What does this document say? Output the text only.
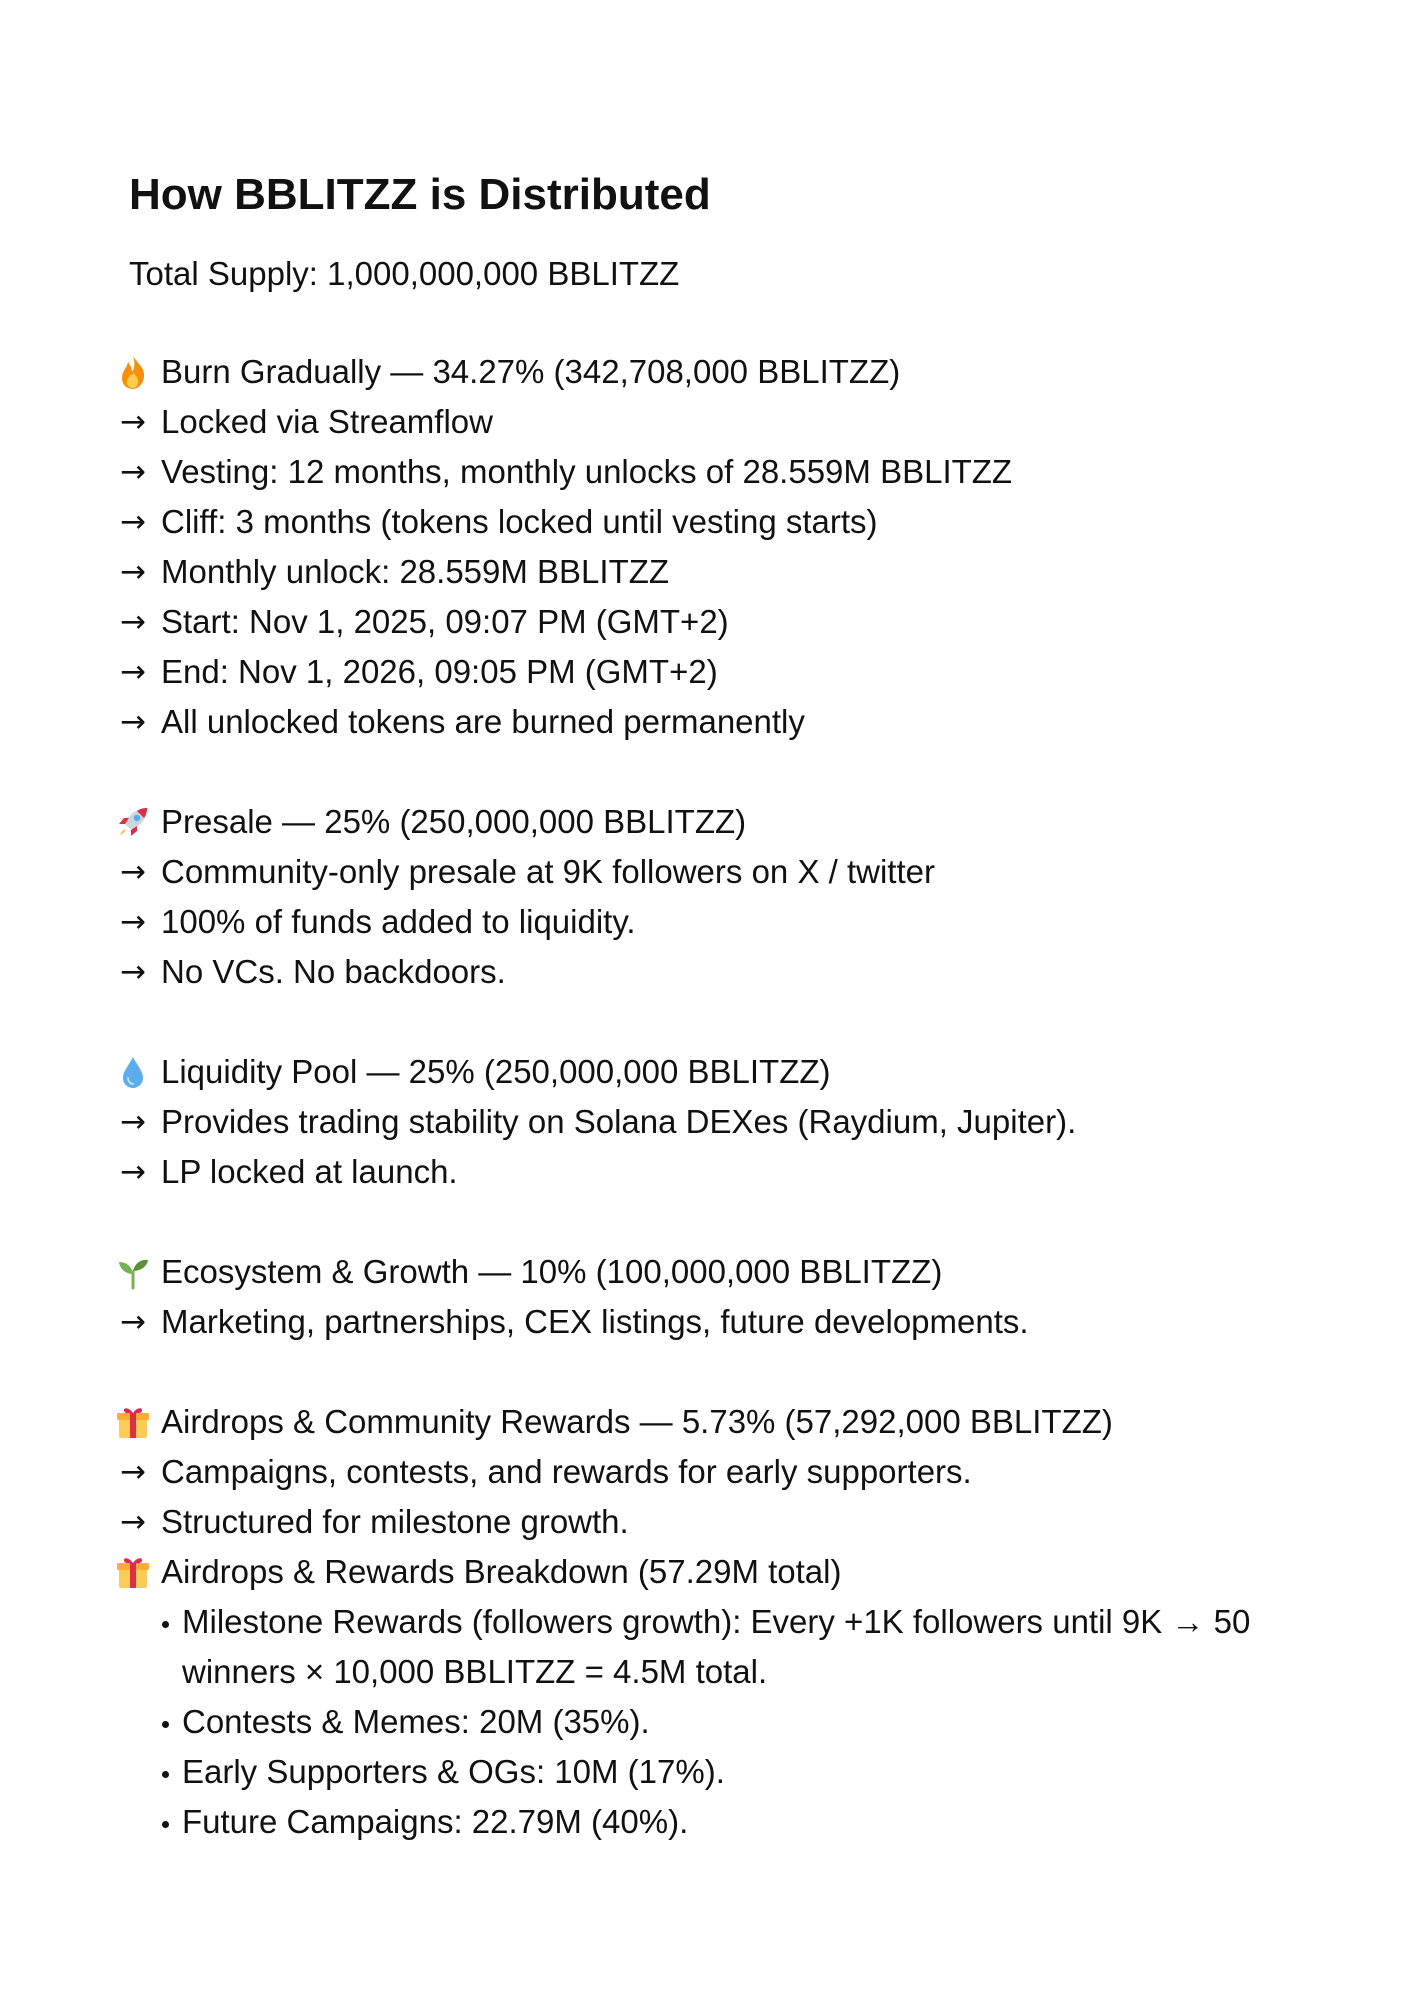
How BBLITZZ is Distributed

Total Supply: 1,000,000,000 BBLITZZ

Burn Gradually — 34.27% (342,708,000 BBLITZZ)
→ Locked via Streamflow
→ Vesting: 12 months, monthly unlocks of 28.559M BBLITZZ
→ Cliff: 3 months (tokens locked until vesting starts)
→ Monthly unlock: 28.559M BBLITZZ
→ Start: Nov 1, 2025, 09:07 PM (GMT+2)
→ End: Nov 1, 2026, 09:05 PM (GMT+2)
→ All unlocked tokens are burned permanently
Presale — 25% (250,000,000 BBLITZZ)
→ Community-only presale at 9K followers on X / twitter
→ 100% of funds added to liquidity.
→ No VCs. No backdoors.
Liquidity Pool — 25% (250,000,000 BBLITZZ)
→ Provides trading stability on Solana DEXes (Raydium, Jupiter).
→ LP locked at launch.
Ecosystem & Growth — 10% (100,000,000 BBLITZZ)
→ Marketing, partnerships, CEX listings, future developments.
Airdrops & Community Rewards — 5.73% (57,292,000 BBLITZZ)
→ Campaigns, contests, and rewards for early supporters.
→ Structured for milestone growth.
Airdrops & Rewards Breakdown (57.29M total)
Milestone Rewards (followers growth): Every +1K followers until 9K → 50 winners × 10,000 BBLITZZ = 4.5M total.
Contests & Memes: 20M (35%).
Early Supporters & OGs: 10M (17%).
Future Campaigns: 22.79M (40%).
